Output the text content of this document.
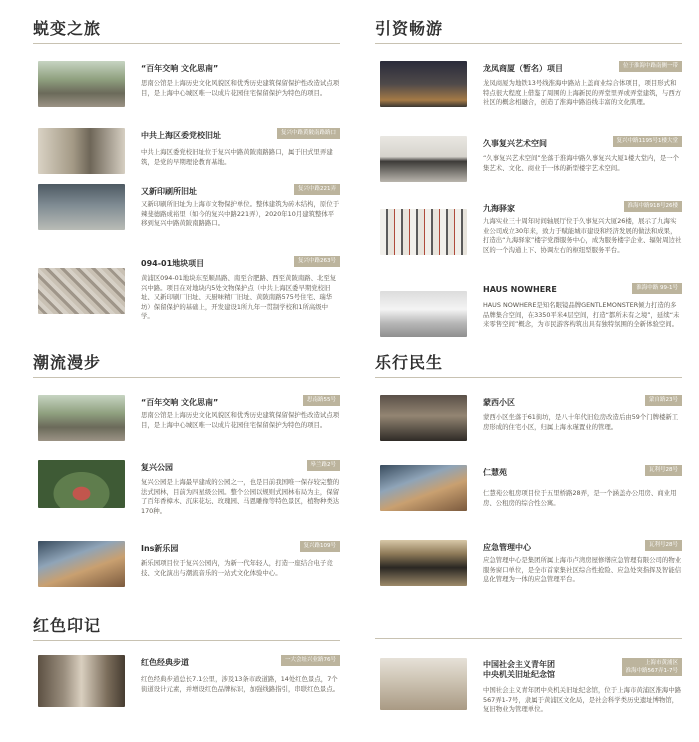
蜕变之旅
“百年交响 文化思南”
思南公馆是上海历史文化风貌区和优秀历史建筑保留保护性改造试点项目，是上海中心城区唯一以成片花园住宅保留保护为特色的项目。
中共上海区委党校旧址	复兴中路黄陂南路路口
中共上海区委党校旧址位于复兴中路黄陂南路路口，属于旧式里弄建筑，是党的早期理论教育基地。
又新印刷所旧址	复兴中路221弄
又新印刷所旧址为上海市文物保护单位。整体建筑为砖木结构，原位于辣斐德路成裕里（如今的复兴中路221弄），2020年10月建筑整体平移到复兴中路黄陂南路路口。
094-01地块项目	复兴中路263号
黄浦区094-01地块东至顺昌路、南至合肥路、西至黄陂南路、北至复兴中路。项目在对地块内5处文物保护点（中共上海区委早期党校旧址、又新印刷厂旧址、天厨味精厂旧址、黄陂南路575号住宅、瑞华坊）保留保护的基础上，开发建设1所九年一贯制学校和1所高级中学。
潮流漫步
“百年交响 文化思南”	思南路55号
思南公馆是上海历史文化风貌区和优秀历史建筑保留保护性改造试点项目，是上海中心城区唯一以成片花园住宅保留保护为特色的项目。
复兴公园	皋兰路2号
复兴公园是上海最早建成的公园之一，也是目前我国唯一保存较完整的法式园林，目前为四星级公园。整个公园以规则式园林布局为主，保留了百年香樟木、沉床花坛、玫瑰园、马恩雕像等特色景区，植物种类达170种。
Ins新乐园	复兴路109号
新乐园项目位于复兴公园内，为新一代年轻人，打造一座结合电子竞技、文化演出与潮流音乐的一站式文化体验中心。
红色印记
红色经典步道	一大会址兴业路76号
红色经典步道总长7.1公里，涉及13条市政道路，14处红色景点，7个街道设计元素，并增设红色品牌标识，加强线路指引，串联红色景点。
引资畅游
龙凤商厦（暂名）项目	位于淮海中路南侧一带
龙凤商厦为地铁13号线淮海中路站上盖商业综合体项目，项目形式和特点很大程度上借鉴了周围的上海新民的弄堂里弄或弄堂建筑，与西方社区的概念相融合，创造了淮海中路沿线丰富的文化肌理。
久事复兴艺术空间	复兴中路1195号1楼大堂
“久事复兴艺术空间”坐落于淮海中路久事复兴大厦1楼大堂内，是一个集艺术、文化、商业于一体的新型楼宇艺术空间。
九海驿家	淮海中路918号26楼
九海实业三十周年时间轴展厅位于久事复兴大厦26楼，展示了九海实业公司成立30年来，致力于赋能城市建设和经济发展的做法和成果，打造出“九海驿家”楼宇党群服务中心，成为服务楼宇企业、辐射周边社区的一个沟通上下、协调左右的枢纽型服务平台。
HAUS NOWHERE	淮海中路 99-1号
HAUS NOWHERE是知名眼镜品牌GENTLEMONSTER倾力打造的多品牌集合空间，在3350平米4层空间，打造“都所未有之境”，延续“未来零售空间”概念，为市民游客构筑出具有独特氛围的全新体验空间。
乐行民生
蒙西小区	蒙自路23号
蒙西小区坐落于61街坊，是八十年代旧危房改造后由59个门牌楼新工房形成的住宅小区，归属上海永瑾置业的管理。
仁慧苑	瓦利号28号
仁慧苑公租房项目位于五里桥路28弄，是一个涵盖办公用房、商业用房、公租房的综合性公寓。
应急管理中心	瓦利号28号
应急管理中心是集团所属上海市卢湾房屋修缮应急管理有限公司的物业服务窗口单位，是全市首家集社区综合性抢险、应急处突指挥及智能信息化管理为一体的应急管理平台。
中国社会主义青年团
中央机关旧址纪念馆
上海市黄浦区
淮海中路567弄1-7号
中国社会主义青年团中央机关旧址纪念馆，位于上海市黄浦区淮海中路567弄1-7号，隶属于黄浦区文化局，是社会科学类历史遗址博物馆，复旧物业为管理单位。
